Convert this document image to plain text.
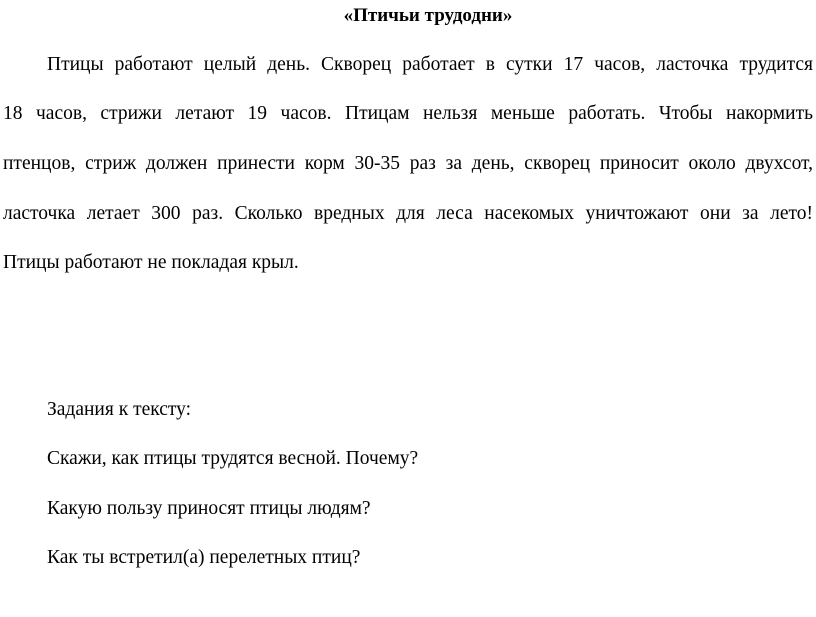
«Птичьи трудодни»
Птицы работают целый день. Скворец работает в сутки 17 часов, ласточка трудится
18 часов, стрижи летают 19 часов. Птицам нельзя меньше работать. Чтобы накормить
птенцов, стриж должен принести корм 30-35 раз за день, скворец приносит около двухсот,
ласточка летает 300 раз. Сколько вредных для леса насекомых уничтожают они за лето!
Птицы работают не покладая крыл.
Задания к тексту:
Скажи, как птицы трудятся весной. Почему?
Какую пользу приносят птицы людям?
Как ты встретил(а) перелетных птиц?
